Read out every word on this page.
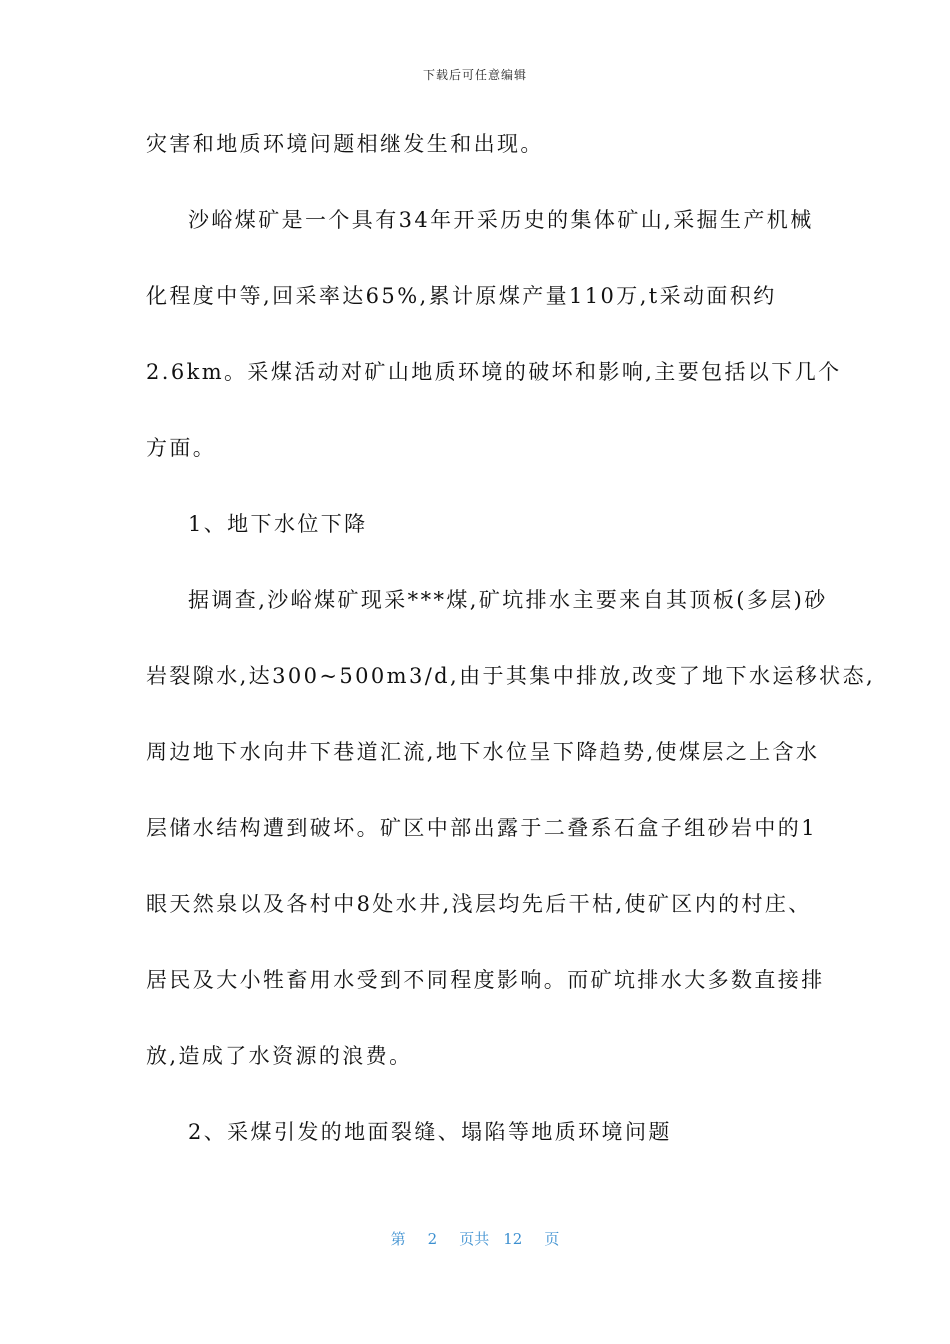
下载后可任意编辑
灾害和地质环境问题相继发生和出现。
沙峪煤矿是一个具有34年开采历史的集体矿山,采掘生产机械
化程度中等,回采率达65%,累计原煤产量110万,t采动面积约
2.6km。采煤活动对矿山地质环境的破坏和影响,主要包括以下几个
方面。
1、地下水位下降
据调查,沙峪煤矿现采***煤,矿坑排水主要来自其顶板(多层)砂
岩裂隙水,达300~500m3/d,由于其集中排放,改变了地下水运移状态,
周边地下水向井下巷道汇流,地下水位呈下降趋势,使煤层之上含水
层储水结构遭到破坏。矿区中部出露于二叠系石盒子组砂岩中的1
眼天然泉以及各村中8处水井,浅层均先后干枯,使矿区内的村庄、
居民及大小牲畜用水受到不同程度影响。而矿坑排水大多数直接排
放,造成了水资源的浪费。
2、采煤引发的地面裂缝、塌陷等地质环境问题
第 2 页共 12 页
